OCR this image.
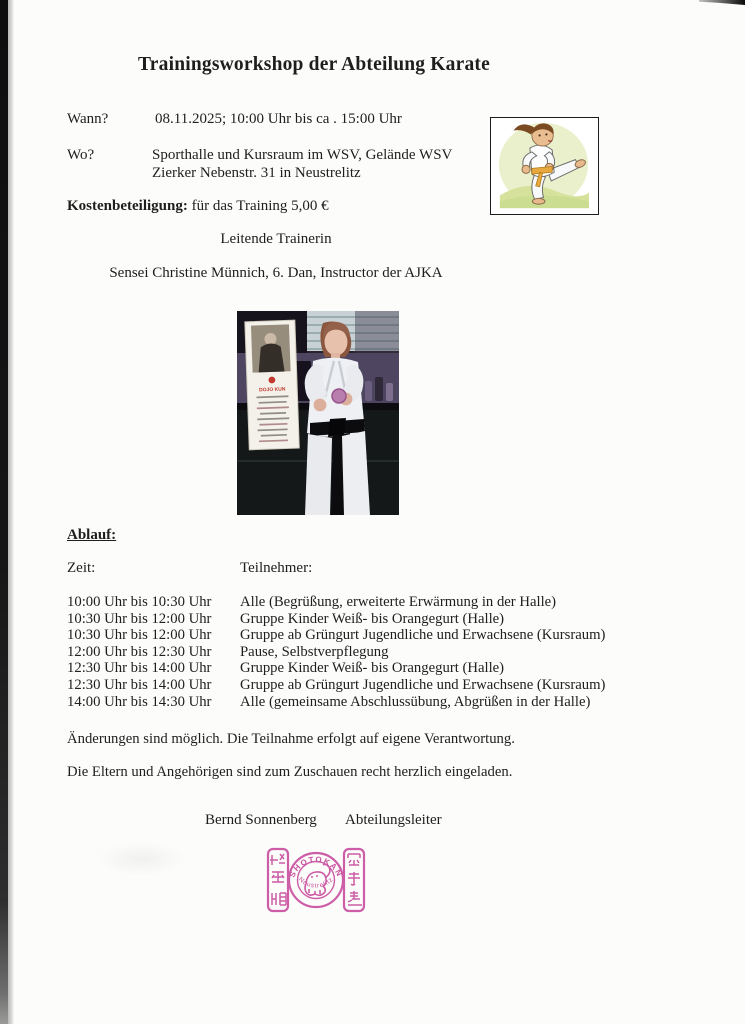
Trainingsworkshop der Abteilung Karate
Wann?	08.11.2025; 10:00 Uhr bis ca . 15:00 Uhr
Wo?	Sporthalle und Kursraum im WSV, Gelände WSV
Zierker Nebenstr. 31 in Neustrelitz
Kostenbeteiligung: für das Training 5,00 €
Leitende Trainerin
Sensei Christine Münnich, 6. Dan, Instructor der AJKA
DOJO KUN
Ablauf:
Zeit:	Teilnehmer:
10:00 Uhr bis 10:30 Uhr	Alle (Begrüßung, erweiterte Erwärmung in der Halle)
10:30 Uhr bis 12:00 Uhr	Gruppe Kinder Weiß- bis Orangegurt (Halle)
10:30 Uhr bis 12:00 Uhr	Gruppe ab Grüngurt Jugendliche und Erwachsene (Kursraum)
12:00 Uhr bis 12:30 Uhr	Pause, Selbstverpflegung
12:30 Uhr bis 14:00 Uhr	Gruppe Kinder Weiß- bis Orangegurt (Halle)
12:30 Uhr bis 14:00 Uhr	Gruppe ab Grüngurt Jugendliche und Erwachsene (Kursraum)
14:00 Uhr bis 14:30 Uhr	Alle (gemeinsame Abschlussübung, Abgrüßen in der Halle)
Änderungen sind möglich. Die Teilnahme erfolgt auf eigene Verantwortung.
Die Eltern und Angehörigen sind zum Zuschauen recht herzlich eingeladen.
Bernd Sonnenberg Abteilungsleiter
SHOTOKAN
Neustrelitz
